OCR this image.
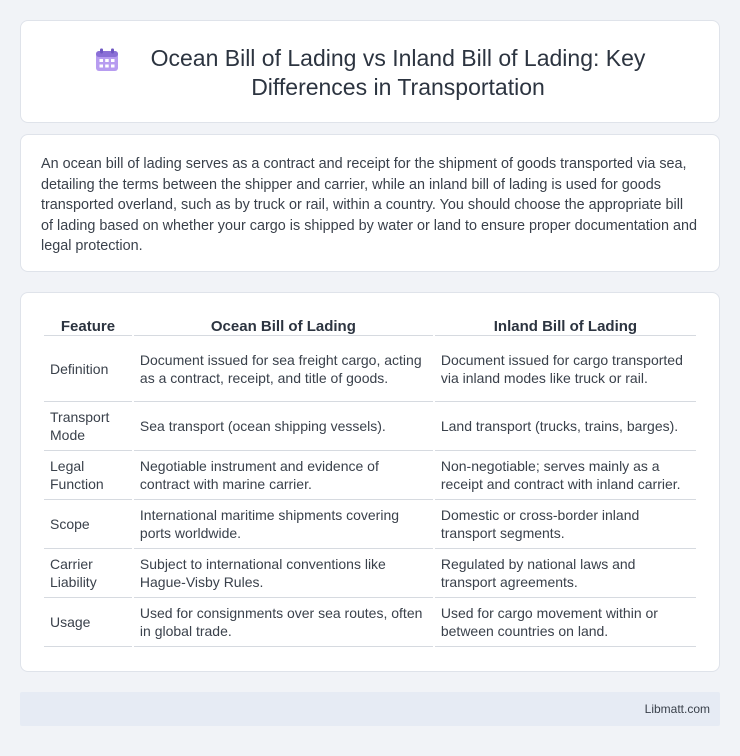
Ocean Bill of Lading vs Inland Bill of Lading: Key Differences in Transportation

An ocean bill of lading serves as a contract and receipt for the shipment of goods transported via sea, detailing the terms between the shipper and carrier, while an inland bill of lading is used for goods transported overland, such as by truck or rail, within a country. You should choose the appropriate bill of lading based on whether your cargo is shipped by water or land to ensure proper documentation and legal protection.

Feature	Ocean Bill of Lading	Inland Bill of Lading
Definition	Document issued for sea freight cargo, acting as a contract, receipt, and title of goods.	Document issued for cargo transported via inland modes like truck or rail.
Transport Mode	Sea transport (ocean shipping vessels).	Land transport (trucks, trains, barges).
Legal Function	Negotiable instrument and evidence of contract with marine carrier.	Non-negotiable; serves mainly as a receipt and contract with inland carrier.
Scope	International maritime shipments covering ports worldwide.	Domestic or cross-border inland transport segments.
Carrier Liability	Subject to international conventions like Hague-Visby Rules.	Regulated by national laws and transport agreements.
Usage	Used for consignments over sea routes, often in global trade.	Used for cargo movement within or between countries on land.
Libmatt.com
